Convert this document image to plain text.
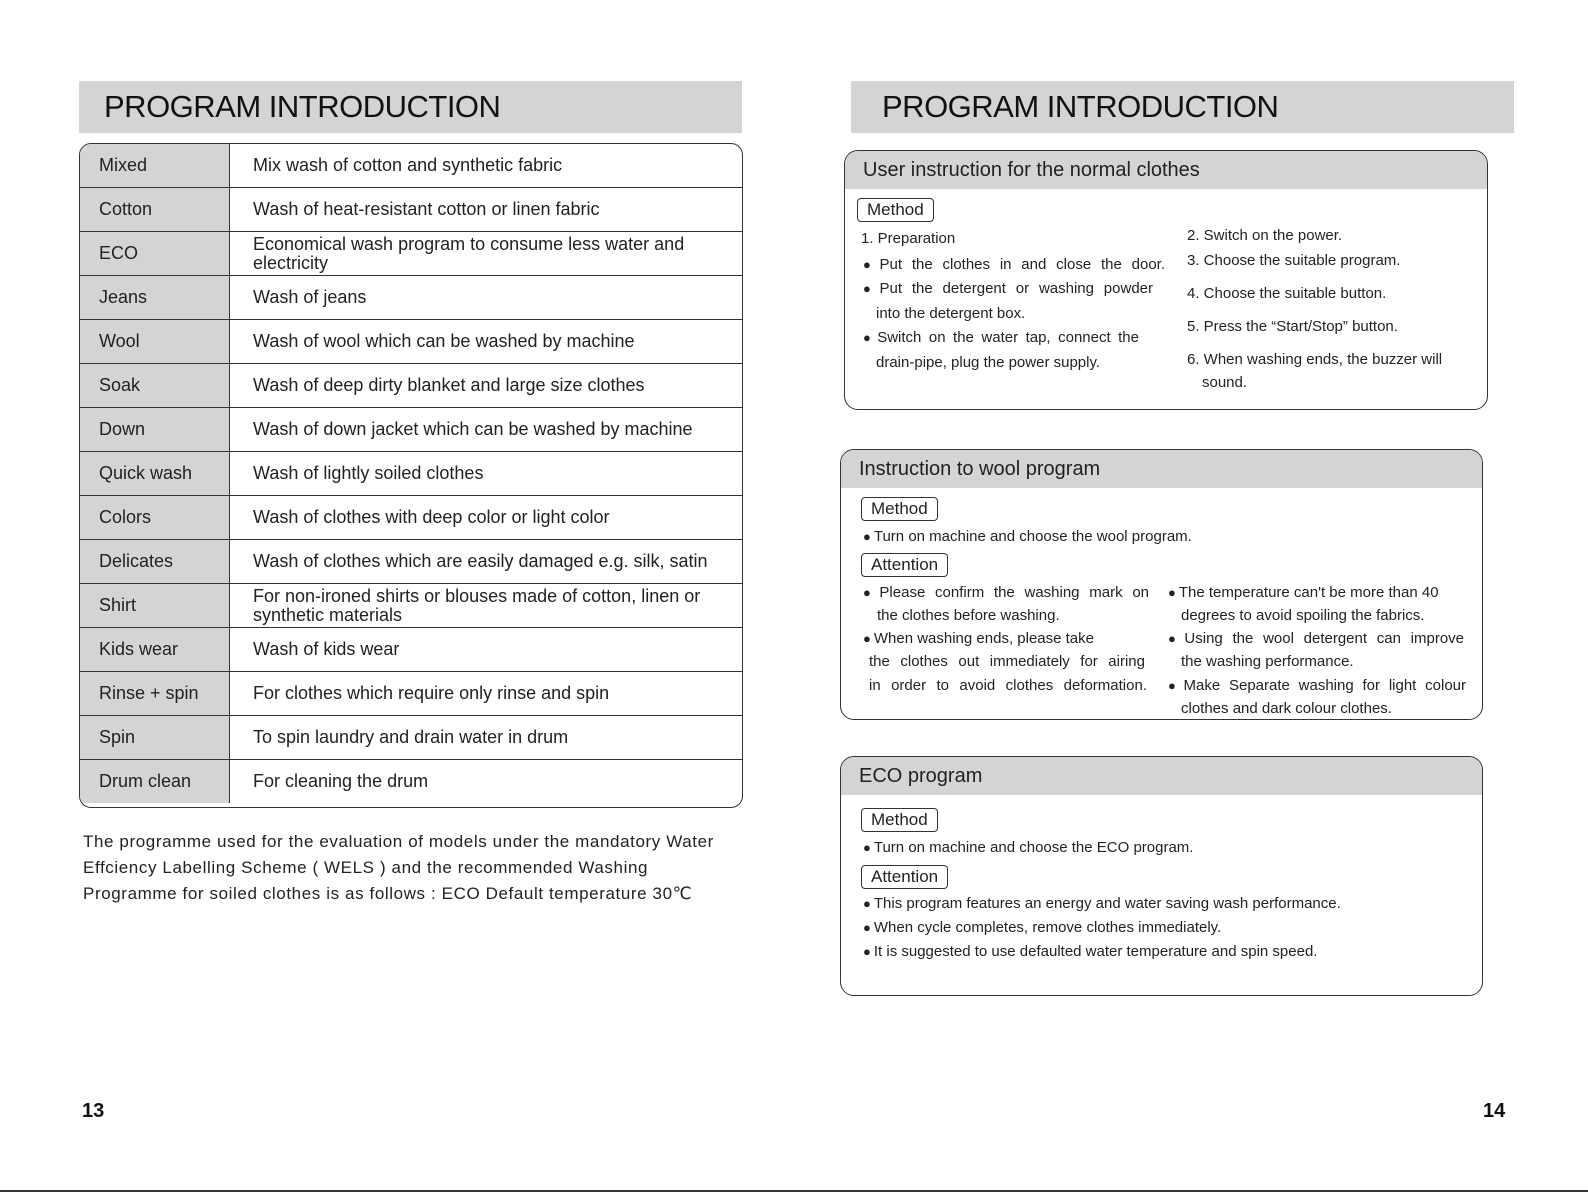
PROGRAM INTRODUCTION
Mixed	Mix wash of cotton and synthetic fabric
Cotton	Wash of heat-resistant cotton or linen fabric
ECO	Economical wash program to consume less water and electricity
Jeans	Wash of jeans
Wool	Wash of wool which can be washed by machine
Soak	Wash of deep dirty blanket and large size clothes
Down	Wash of down jacket which can be washed by machine
Quick wash	Wash of lightly soiled clothes
Colors	Wash of clothes with deep color or light color
Delicates	Wash of clothes which are easily damaged e.g. silk, satin
Shirt	For non-ironed shirts or blouses made of cotton, linen or synthetic materials
Kids wear	Wash of kids wear
Rinse + spin	For clothes which require only rinse and spin
Spin	To spin laundry and drain water in drum
Drum clean	For cleaning the drum

The programme used for the evaluation of models under the mandatory Water Effciency Labelling Scheme ( WELS ) and the recommended Washing Programme for soiled clothes is as follows : ECO Default temperature 30℃

13
PROGRAM INTRODUCTION
User instruction for the normal clothes
Method

1. Preparation

● Put the clothes in and close the door.

● Put the detergent or washing powder

into the detergent box.

● Switch on the water tap, connect the

drain-pipe, plug the power supply.

2. Switch on the power.

3. Choose the suitable program.

4. Choose the suitable button.

5. Press the “Start/Stop” button.

6. When washing ends, the buzzer will

sound.

Instruction to wool program
Method

● Turn on machine and choose the wool program.

Attention

● Please confirm the washing mark on

the clothes before washing.

● When washing ends, please take

the clothes out immediately for airing

in order to avoid clothes deformation.

● The temperature can't be more than 40

degrees to avoid spoiling the fabrics.

● Using the wool detergent can improve

the washing performance.

● Make Separate washing for light colour

clothes and dark colour clothes.

ECO program
Method

● Turn on machine and choose the ECO program.

Attention

● This program features an energy and water saving wash performance.

● When cycle completes, remove clothes immediately.

● It is suggested to use defaulted water temperature and spin speed.

14
